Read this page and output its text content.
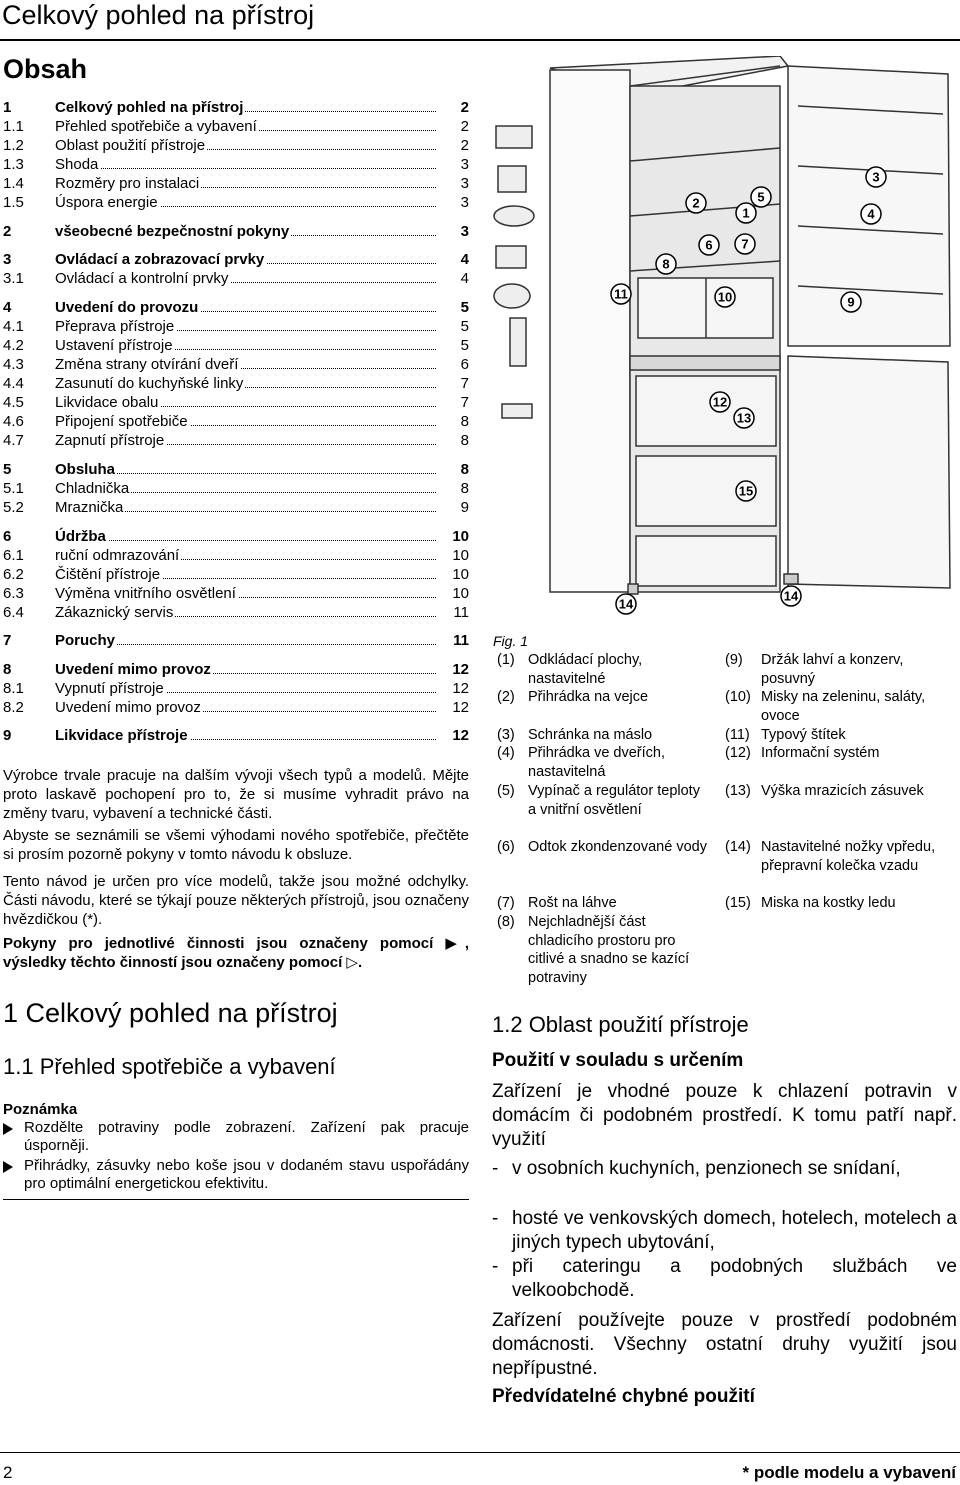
Celkový pohled na přístroj
Obsah
1	Celkový pohled na přístroj	2
1.1 Přehled spotřebiče a vybavení	2
1.2 Oblast použití přístroje	2
1.3 Shoda	3
1.4 Rozměry pro instalaci	3
1.5 Úspora energie	3
2	všeobecné bezpečnostní pokyny	3
3	Ovládací a zobrazovací prvky	4
3.1 Ovládací a kontrolní prvky	4
4	Uvedení do provozu	5
4.1 Přeprava přístroje	5
4.2 Ustavení přístroje	5
4.3 Změna strany otvírání dveří	6
4.4 Zasunutí do kuchyňské linky	7
4.5 Likvidace obalu	7
4.6 Připojení spotřebiče	8
4.7 Zapnutí přístroje	8
5	Obsluha	8
5.1 Chladnička	8
5.2 Mraznička	9
6	Údržba	10
6.1 ruční odmrazování	10
6.2 Čištění přístroje	10
6.3 Výměna vnitřního osvětlení	10
6.4 Zákaznický servis	11
7	Poruchy	11
8	Uvedení mimo provoz	12
8.1 Vypnutí přístroje	12
8.2 Uvedení mimo provoz	12
9	Likvidace přístroje	12
Výrobce trvale pracuje na dalším vývoji všech typů a modelů. Mějte proto laskavě pochopení pro to, že si musíme vyhradit právo na změny tvaru, vybavení a technické části.
Abyste se seznámili se všemi výhodami nového spotřebiče, přečtěte si prosím pozorně pokyny v tomto návodu k obsluze.
Tento návod je určen pro více modelů, takže jsou možné odchylky. Části návodu, které se týkají pouze některých přístrojů, jsou označeny hvězdičkou (*).
Pokyny pro jednotlivé činnosti jsou označeny pomocí ▶, výsledky těchto činností jsou označeny pomocí ▷.
1 Celkový pohled na přístroj
1.1 Přehled spotřebiče a vybavení
Poznámka
Rozdělte potraviny podle zobrazení. Zařízení pak pracuje úsporněji.
Přihrádky, zásuvky nebo koše jsou v dodaném stavu uspořádány pro optimální energetickou efektivitu.
1
2
3
4
5
6 7
8
9
10
11
12
13
14
15
14
Fig. 1
(1) Odkládací plochy, nastavitelné
(2) Přihrádka na vejce
(3) Schránka na máslo
(4) Přihrádka ve dveřích, nastavitelná
(5) Vypínač a regulátor teploty a vnitřní osvětlení
(6) Odtok zkondenzované vody
(7) Rošt na láhve
(8) Nejchladnější část chladicího prostoru pro citlivé a snadno se kazící potraviny
(9) Držák lahví a konzerv, posuvný
(10) Misky na zeleninu, saláty, ovoce
(11) Typový štítek
(12) Informační systém
(13) Výška mrazicích zásuvek
(14) Nastavitelné nožky vpředu, přepravní kolečka vzadu
(15) Miska na kostky ledu
1.2 Oblast použití přístroje
Použití v souladu s určením
Zařízení je vhodné pouze k chlazení potravin v domácím či podobném prostředí. K tomu patří např. využití
- v osobních kuchyních, penzionech se snídaní,
- hosté ve venkovských domech, hotelech, motelech a jiných typech ubytování,
- při cateringu a podobných službách ve velkoobchodě.
Zařízení používejte pouze v prostředí podobném domácnosti. Všechny ostatní druhy využití jsou nepřípustné.
Předvídatelné chybné použití
2	* podle modelu a vybavení
